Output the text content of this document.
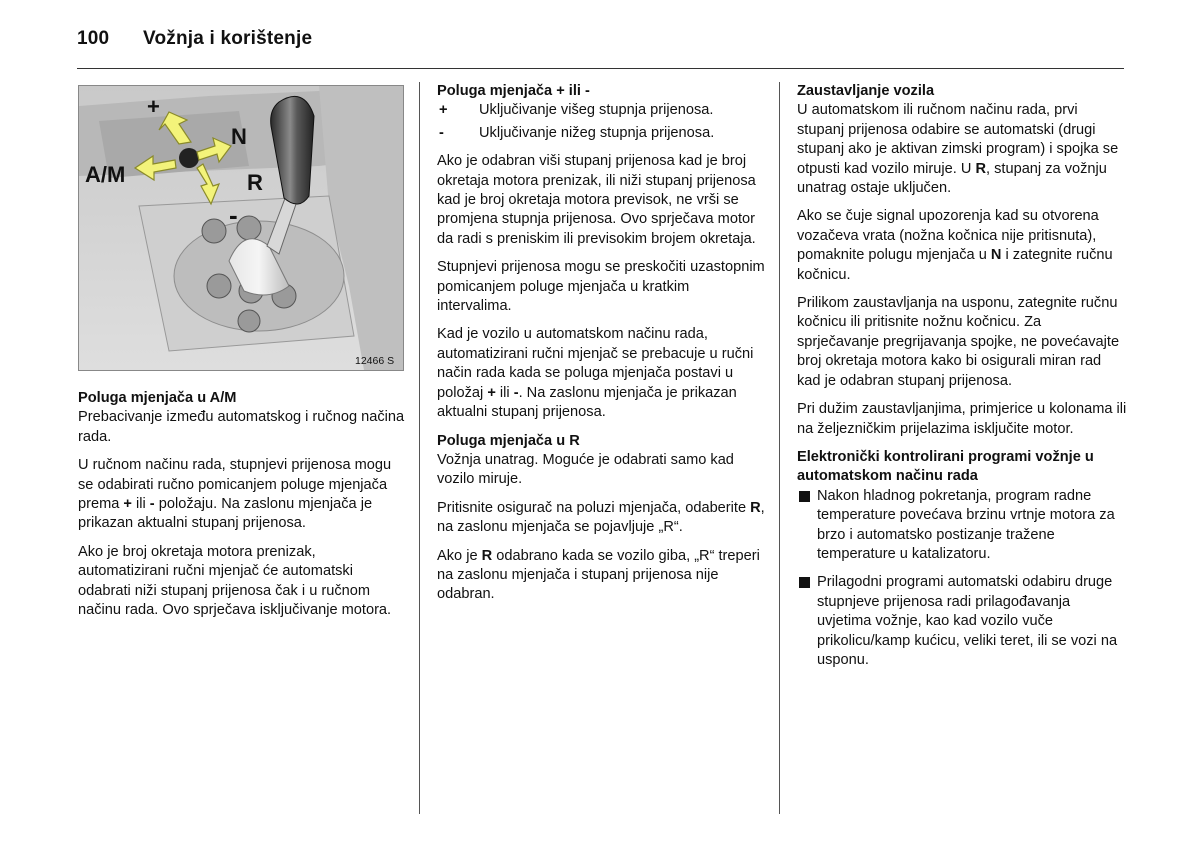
100 Vožnja i korištenje
+
N
A/M	R
-
12466 S
Poluga mjenjača u A/M

Prebacivanje između automatskog i ručnog načina rada.

U ručnom načinu rada, stupnjevi prijenosa mogu se odabirati ručno pomicanjem poluge mjenjača prema + ili - položaju. Na zaslonu mjenjača je prikazan aktualni stupanj prijenosa.

Ako je broj okretaja motora prenizak, automatizirani ručni mjenjač će automatski odabrati niži stupanj prijenosa čak i u ručnom načinu rada. Ovo sprječava isključivanje motora.

Poluga mjenjača + ili -
+	Uključivanje višeg stupnja prijenosa.
-	Uključivanje nižeg stupnja prijenosa.

Ako je odabran viši stupanj prijenosa kad je broj okretaja motora prenizak, ili niži stupanj prijenosa kad je broj okretaja motora previsok, ne vrši se promjena stupnja prijenosa. Ovo sprječava motor da radi s preniskim ili previsokim brojem okretaja.

Stupnjevi prijenosa mogu se preskočiti uzastopnim pomicanjem poluge mjenjača u kratkim intervalima.

Kad je vozilo u automatskom načinu rada, automatizirani ručni mjenjač se prebacuje u ručni način rada kada se poluga mjenjača postavi u položaj + ili -. Na zaslonu mjenjača je prikazan aktualni stupanj prijenosa.

Poluga mjenjača u R

Vožnja unatrag. Moguće je odabrati samo kad vozilo miruje.

Pritisnite osigurač na poluzi mjenjača, odaberite R, na zaslonu mjenjača se pojavljuje „R“.

Ako je R odabrano kada se vozilo giba, „R“ treperi na zaslonu mjenjača i stupanj prijenosa nije odabran.

Zaustavljanje vozila

U automatskom ili ručnom načinu rada, prvi stupanj prijenosa odabire se automatski (drugi stupanj ako je aktivan zimski program) i spojka se otpusti kad vozilo miruje. U R, stupanj za vožnju unatrag ostaje uključen.

Ako se čuje signal upozorenja kad su otvorena vozačeva vrata (nožna kočnica nije pritisnuta), pomaknite polugu mjenjača u N i zategnite ručnu kočnicu.

Prilikom zaustavljanja na usponu, zategnite ručnu kočnicu ili pritisnite nožnu kočnicu. Za sprječavanje pregrijavanja spojke, ne povećavajte broj okretaja motora kako bi osigurali miran rad kad je odabran stupanj prijenosa.

Pri dužim zaustavljanjima, primjerice u kolonama ili na željezničkim prijelazima isključite motor.

Elektronički kontrolirani programi vožnje u automatskom načinu rada
Nakon hladnog pokretanja, program radne temperature povećava brzinu vrtnje motora za brzo i automatsko postizanje tražene temperature u katalizatoru.
Prilagodni programi automatski odabiru druge stupnjeve prijenosa radi prilagođavanja uvjetima vožnje, kao kad vozilo vuče prikolicu/kamp kućicu, veliki teret, ili se vozi na usponu.
